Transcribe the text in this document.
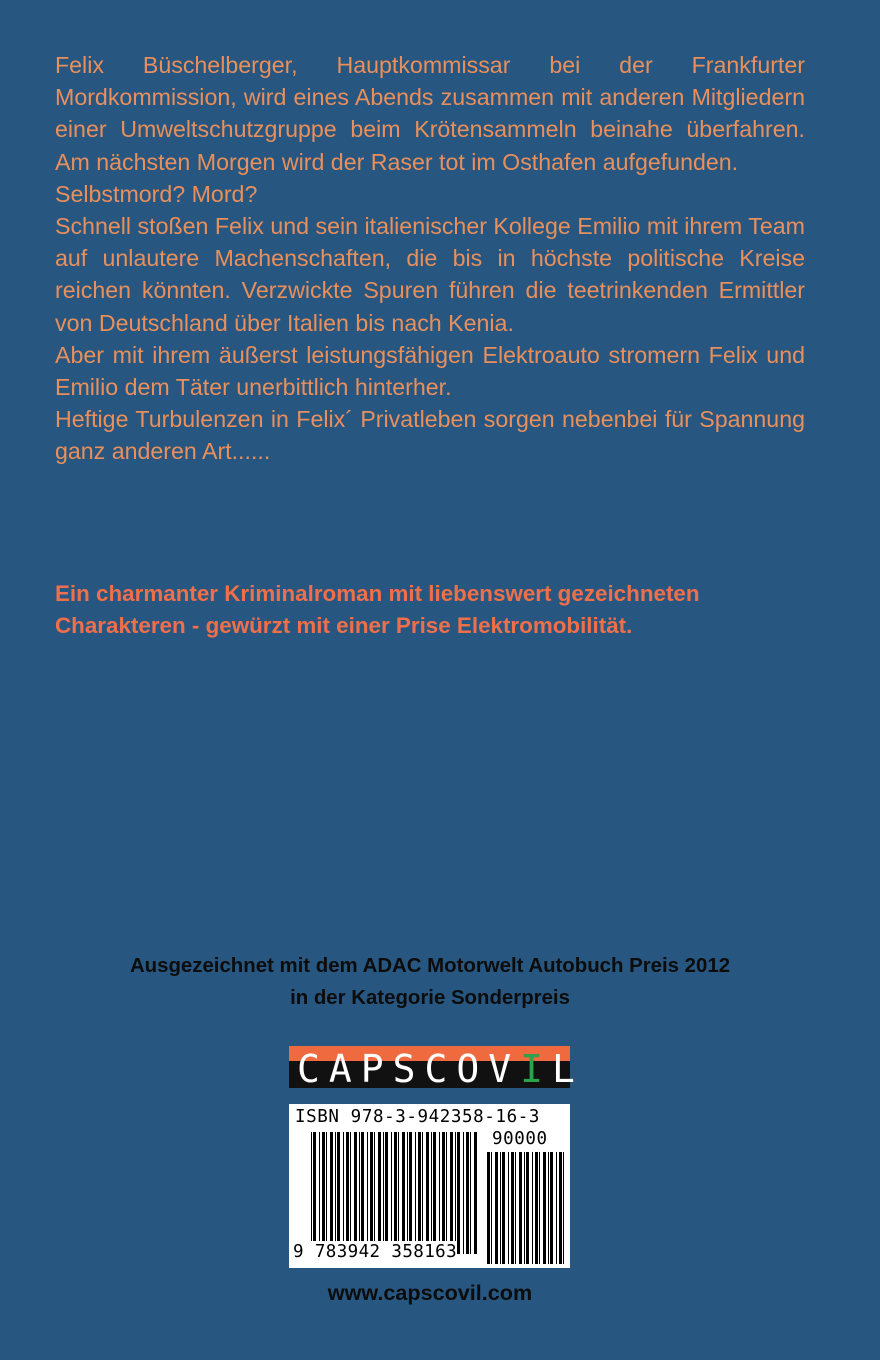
Felix Büschelberger, Hauptkommissar bei der Frankfurter Mordkommission, wird eines Abends zusammen mit anderen Mitgliedern einer Umweltschutzgruppe beim Krötensammeln beinahe überfahren. Am nächsten Morgen wird der Raser tot im Osthafen aufgefunden.

Selbstmord? Mord?

Schnell stoßen Felix und sein italienischer Kollege Emilio mit ihrem Team auf unlautere Machenschaften, die bis in höchste politische Kreise reichen könnten. Verzwickte Spuren führen die teetrinkenden Ermittler von Deutschland über Italien bis nach Kenia.

Aber mit ihrem äußerst leistungsfähigen Elektroauto stromern Felix und Emilio dem Täter unerbittlich hinterher.

Heftige Turbulenzen in Felix´ Privatleben sorgen nebenbei für Spannung ganz anderen Art......

Ein charmanter Kriminalroman mit liebenswert gezeichneten
Charakteren - gewürzt mit einer Prise Elektromobilität.
Ausgezeichnet mit dem ADAC Motorwelt Autobuch Preis 2012
in der Kategorie Sonderpreis
CAPSCOVIL
ISBN 978-3-942358-16-3
90000
9 783942 358163
www.capscovil.com
